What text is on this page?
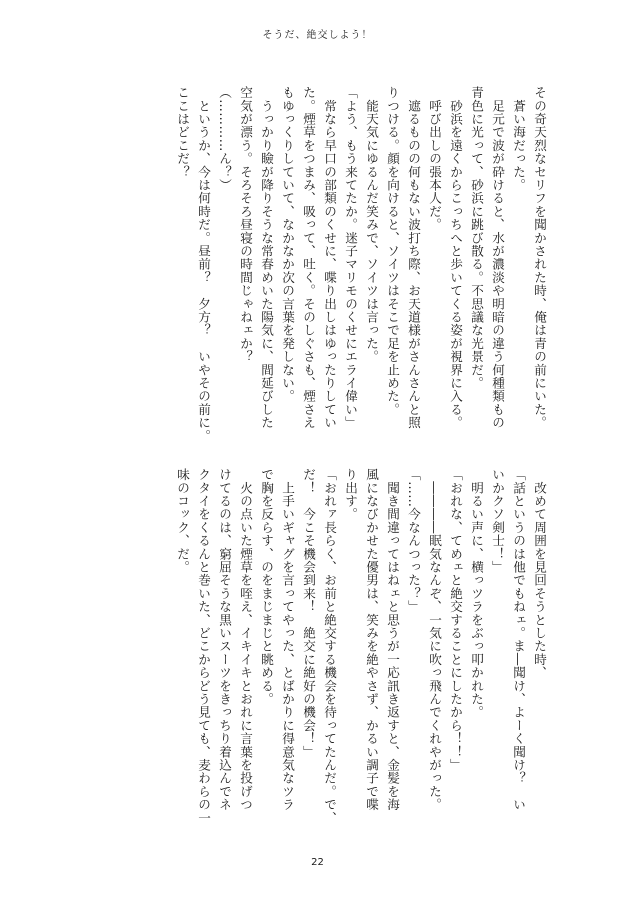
そうだ、絶交しよう！

その奇天烈なセリフを聞かされた時、俺は青の前にいた。

　蒼い海だった。

　足元で波が砕けると、水が濃淡や明暗の違う何種類もの

青色に光って、砂浜に跳び散る。不思議な光景だ。

　砂浜を遠くからこっちへと歩いてくる姿が視界に入る。

　呼び出しの張本人だ。

　遮るものの何もない波打ち際、お天道様がさんさんと照

りつける。顔を向けると、ソイツはそこで足を止めた。

　能天気にゆるんだ笑みで、ソイツは言った。

「よう、もう来てたか。迷子マリモのくせにエライ偉い」

　常なら早口の部類のくせに、喋り出しはゆったりしてい

た。煙草をつまみ、吸って、吐く。そのしぐさも、煙さえ

もゆっくりしていて、なかなか次の言葉を発しない。

　うっかり瞼が降りそうな常春めいた陽気に、間延びした

空気が漂う。そろそろ昼寝の時間じゃねェか？

（…………ん？）

　というか、今は何時だ。昼前？　夕方？　いやその前に。

ここはどこだ？

　改めて周囲を見回そうとした時、

「話というのは他でもねェ。ま―聞け、よーく聞け？　い

いかクソ剣士！」

　明るい声に、横っツラをぶっ叩かれた。

「おれな、てめェと絶交することにしたから！！」

　――――眠気なんぞ、一気に吹っ飛んでくれやがった。

「……今なんつった？」

　聞き間違ってはねェと思うが一応訊き返すと、金髪を海

風になびかせた優男は、笑みを絶やさず、かるい調子で喋

り出す。

「おれァ長らく、お前と絶交する機会を待ってたんだ。で、

だ！　今こそ機会到来！　絶交に絶好の機会！」

　上手いギャグを言ってやった、とばかりに得意気なツラ

で胸を反らす、のをまじまじと眺める。

　火の点いた煙草を咥え、イキイキとおれに言葉を投げつ

けてるのは、窮屈そうな黒いスーツをきっちり着込んでネ

クタイをくるんと巻いた、どこからどう見ても、麦わらの一

味のコック、だ。

22
